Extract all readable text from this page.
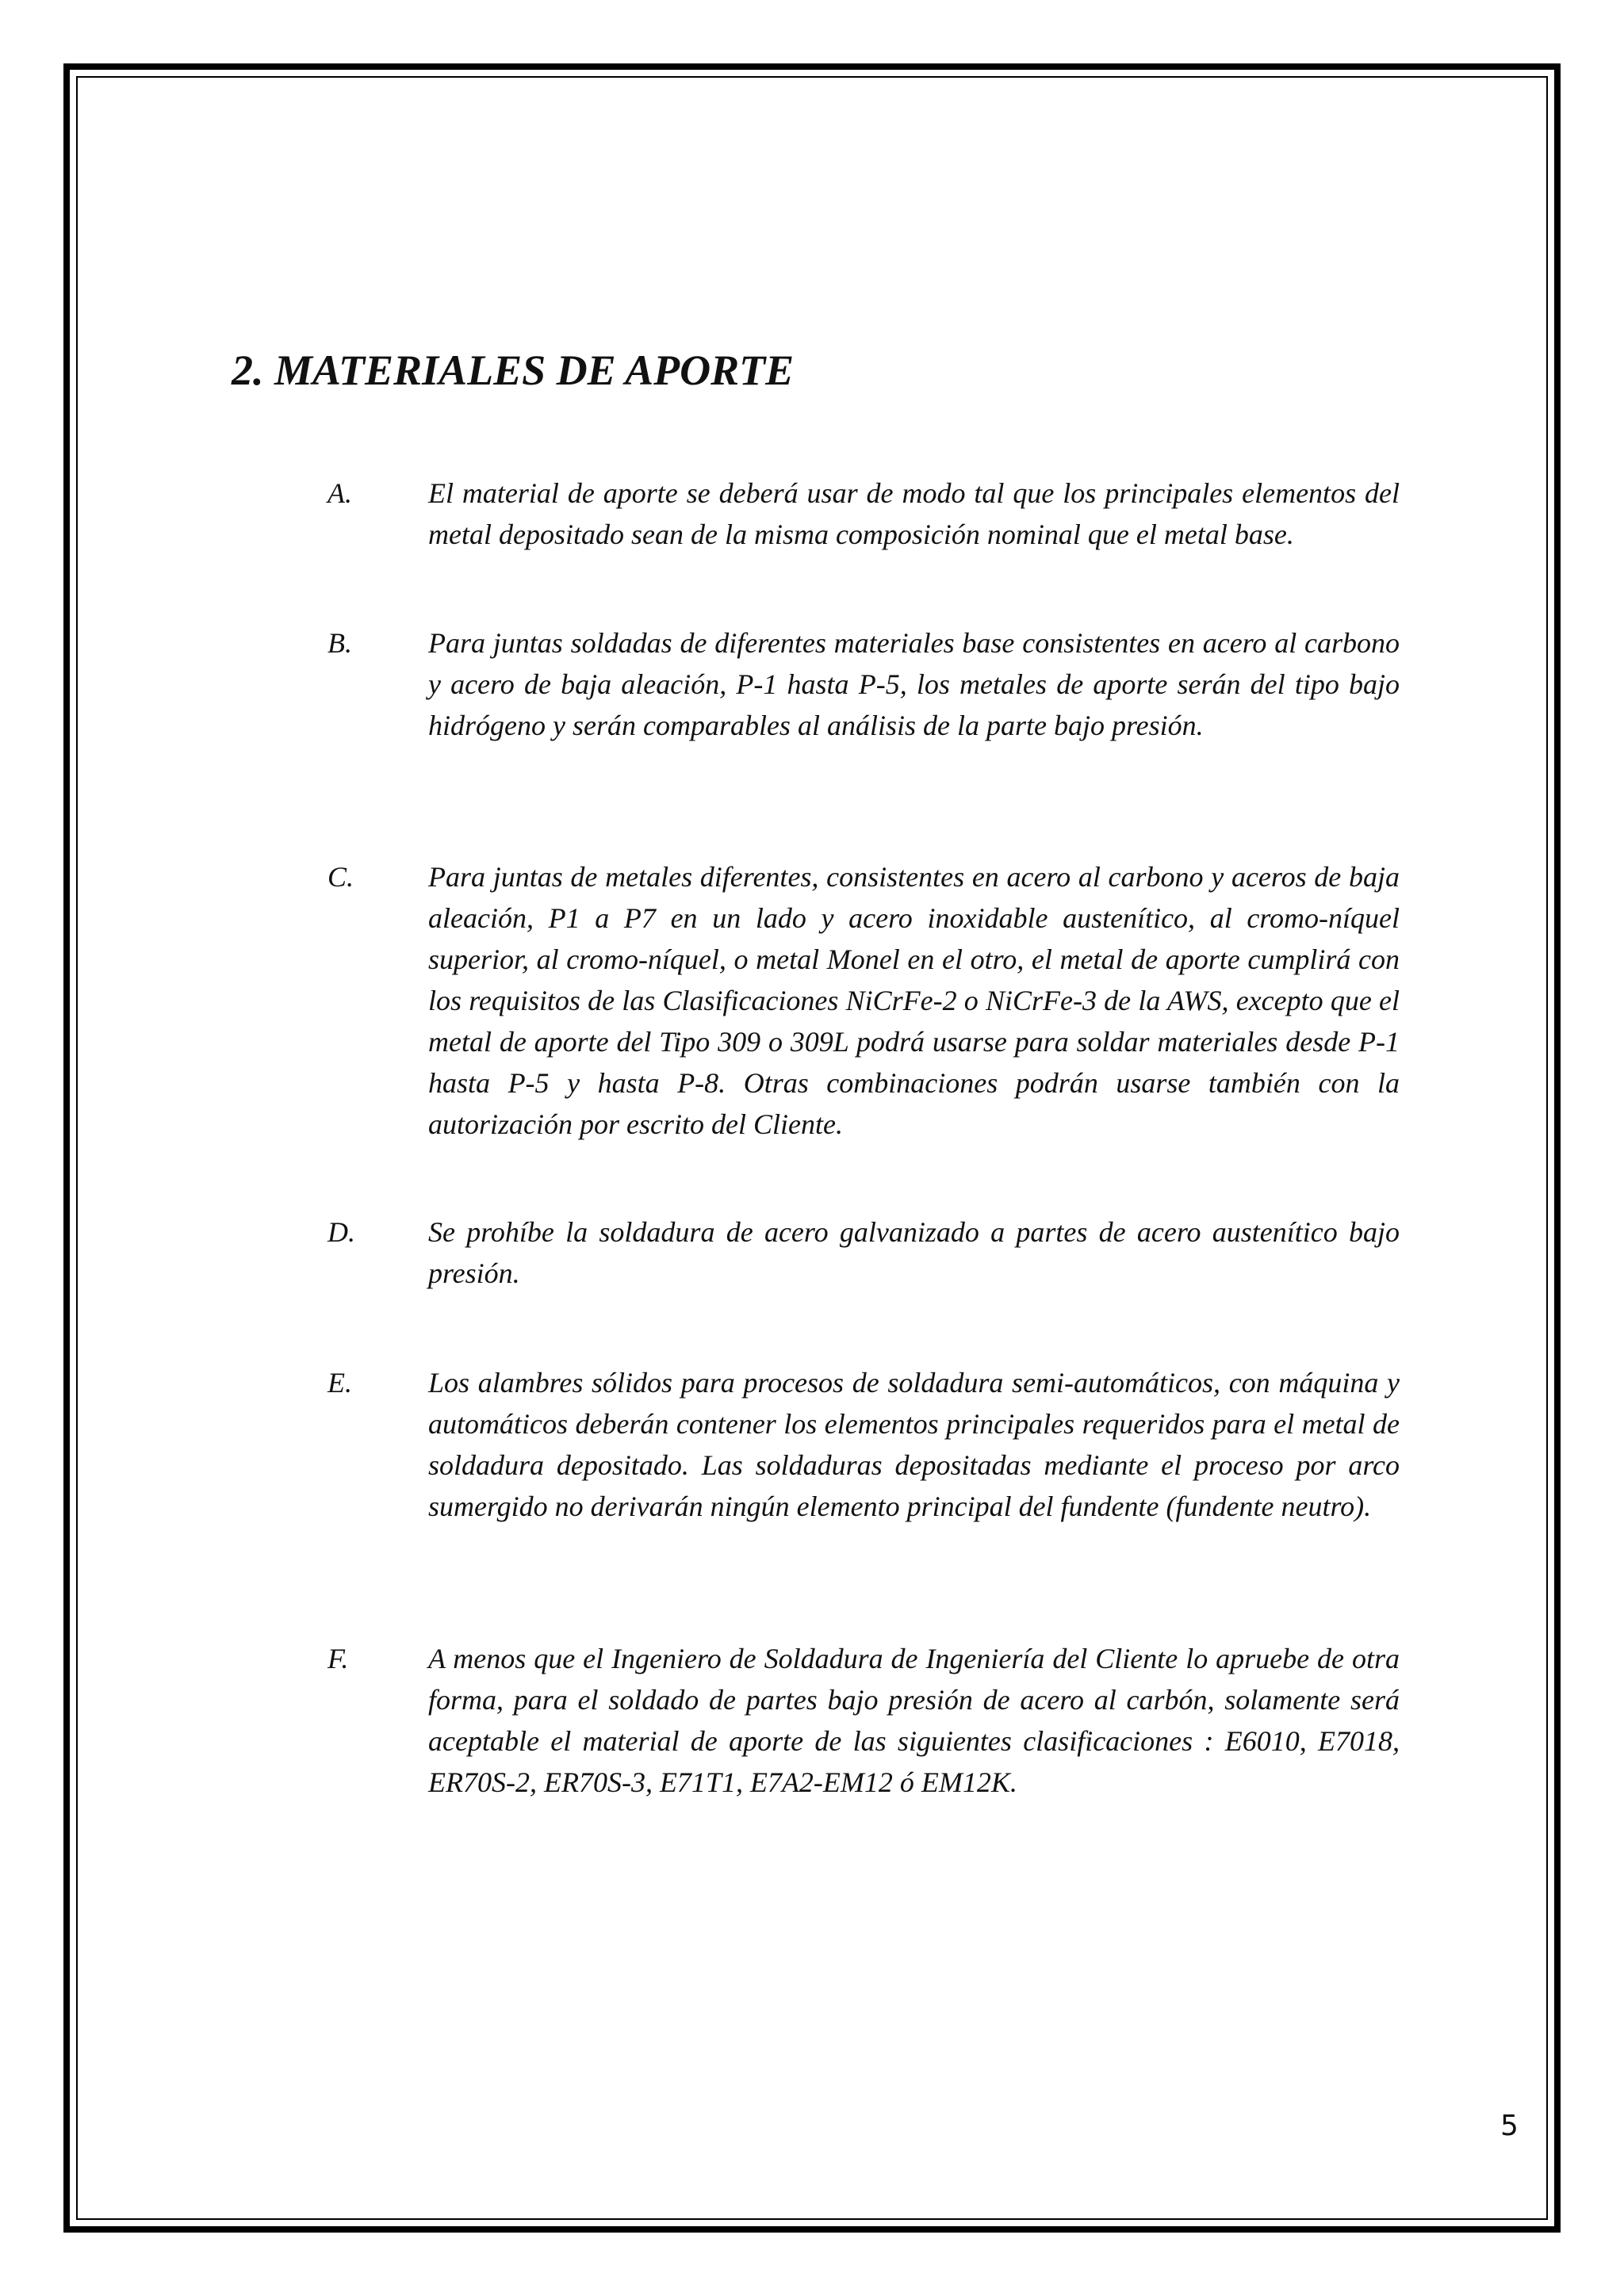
2. MATERIALES DE APORTE
A.	El material de aporte se deberá usar de modo tal que los principales elementos del metal depositado sean de la misma composición nominal que el metal base.

B.	Para juntas soldadas de diferentes materiales base consistentes en acero al carbono y acero de baja aleación, P-1 hasta P-5, los metales de aporte serán del tipo bajo hidrógeno y serán comparables al análisis de la parte bajo presión.

C.	Para juntas de metales diferentes, consistentes en acero al carbono y aceros de baja aleación, P1 a P7 en un lado y acero inoxidable austenítico, al cromo-níquel superior, al cromo-níquel, o metal Monel en el otro, el metal de aporte cumplirá con los requisitos de las Clasificaciones NiCrFe-2 o NiCrFe-3 de la AWS, excepto que el metal de aporte del Tipo 309 o 309L podrá usarse para soldar materiales desde P-1 hasta P-5 y hasta P-8. Otras combinaciones podrán usarse también con la autorización por escrito del Cliente.

D.	Se prohíbe la soldadura de acero galvanizado a partes de acero austenítico bajo presión.

E.	Los alambres sólidos para procesos de soldadura semi-automáticos, con máquina y automáticos deberán contener los elementos principales requeridos para el metal de soldadura depositado. Las soldaduras depositadas mediante el proceso por arco sumergido no derivarán ningún elemento principal del fundente (fundente neutro).

F.	A menos que el Ingeniero de Soldadura de Ingeniería del Cliente lo apruebe de otra forma, para el soldado de partes bajo presión de acero al carbón, solamente será aceptable el material de aporte de las siguientes clasificaciones : E6010, E7018, ER70S-2, ER70S-3, E71T1, E7A2-EM12 ó EM12K.

5
